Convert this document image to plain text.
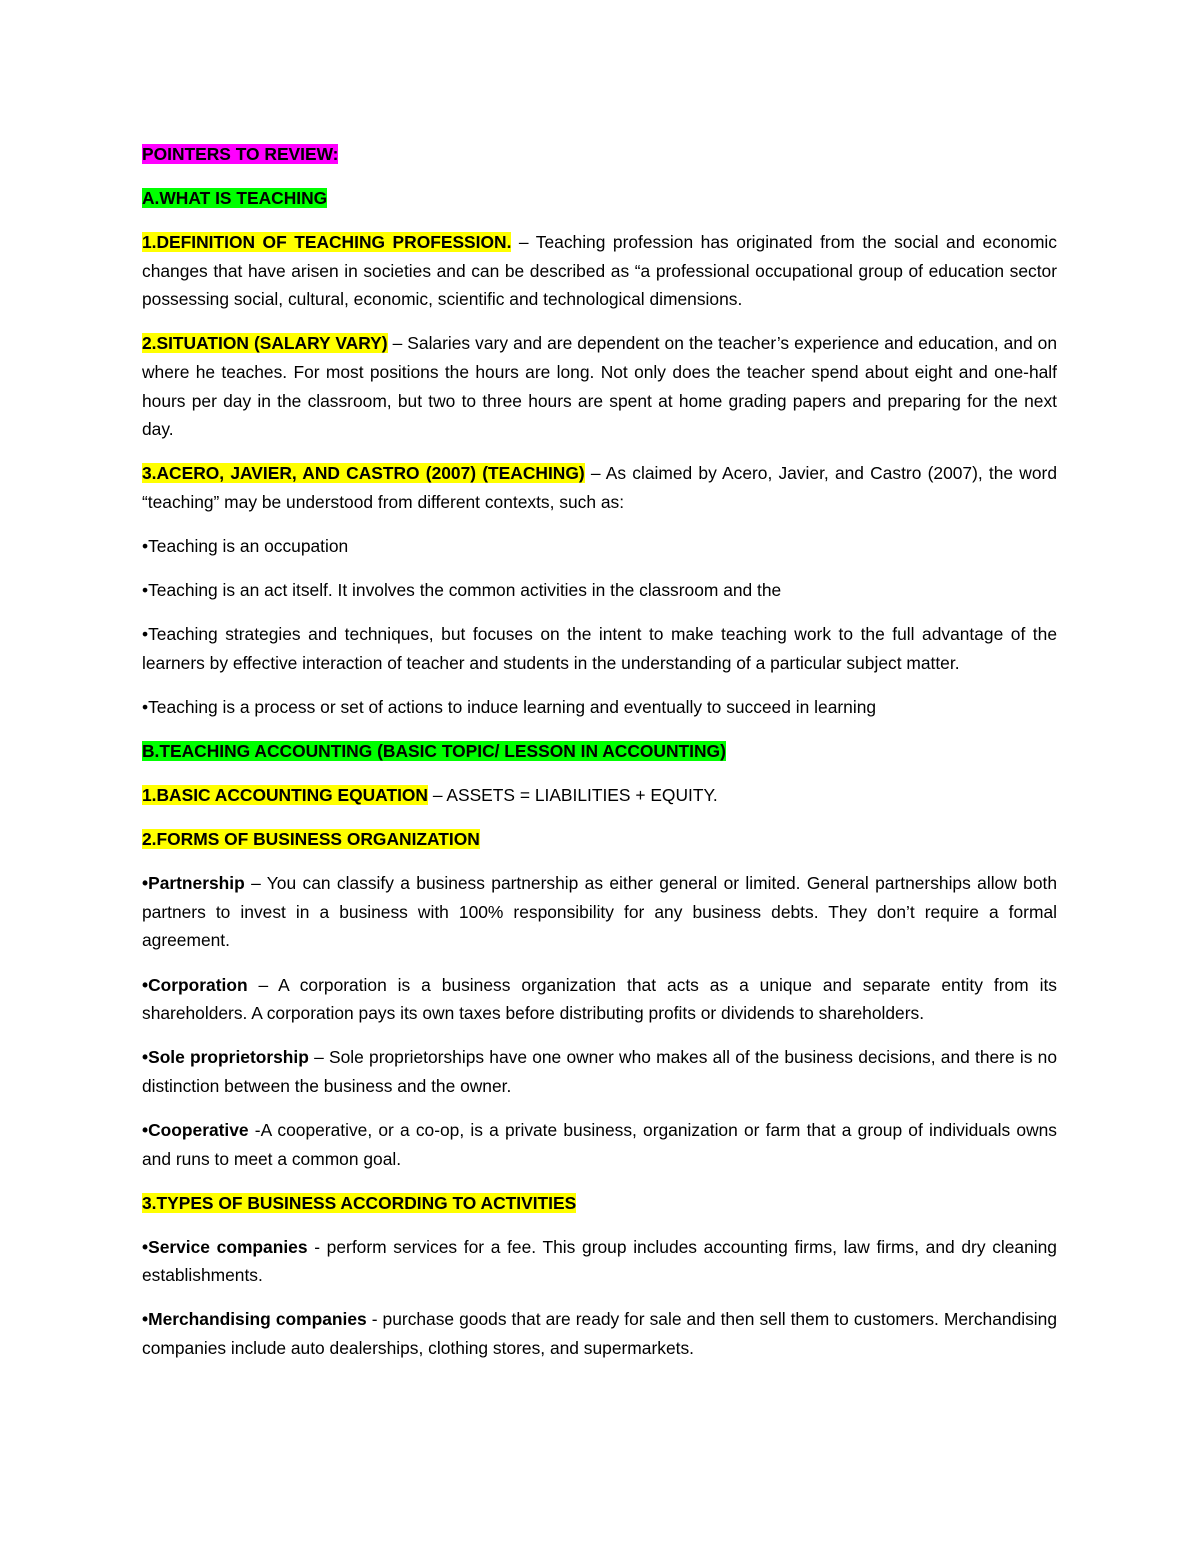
POINTERS TO REVIEW:

A.WHAT IS TEACHING

1.DEFINITION OF TEACHING PROFESSION. – Teaching profession has originated from the social and economic changes that have arisen in societies and can be described as “a professional occupational group of education sector possessing social, cultural, economic, scientific and technological dimensions.

2.SITUATION (SALARY VARY) – Salaries vary and are dependent on the teacher’s experience and education, and on where he teaches. For most positions the hours are long. Not only does the teacher spend about eight and one-half hours per day in the classroom, but two to three hours are spent at home grading papers and preparing for the next day.

3.ACERO, JAVIER, AND CASTRO (2007) (TEACHING) – As claimed by Acero, Javier, and Castro (2007), the word “teaching” may be understood from different contexts, such as:

•Teaching is an occupation

•Teaching is an act itself. It involves the common activities in the classroom and the

•Teaching strategies and techniques, but focuses on the intent to make teaching work to the full advantage of the learners by effective interaction of teacher and students in the understanding of a particular subject matter.

•Teaching is a process or set of actions to induce learning and eventually to succeed in learning

B.TEACHING ACCOUNTING (BASIC TOPIC/ LESSON IN ACCOUNTING)

1.BASIC ACCOUNTING EQUATION – ASSETS = LIABILITIES + EQUITY.

2.FORMS OF BUSINESS ORGANIZATION

•Partnership – You can classify a business partnership as either general or limited. General partnerships allow both partners to invest in a business with 100% responsibility for any business debts. They don’t require a formal agreement.

•Corporation – A corporation is a business organization that acts as a unique and separate entity from its shareholders. A corporation pays its own taxes before distributing profits or dividends to shareholders.

•Sole proprietorship – Sole proprietorships have one owner who makes all of the business decisions, and there is no distinction between the business and the owner.

•Cooperative -A cooperative, or a co-op, is a private business, organization or farm that a group of individuals owns and runs to meet a common goal.

3.TYPES OF BUSINESS ACCORDING TO ACTIVITIES

•Service companies - perform services for a fee. This group includes accounting firms, law firms, and dry cleaning establishments.

•Merchandising companies - purchase goods that are ready for sale and then sell them to customers. Merchandising companies include auto dealerships, clothing stores, and supermarkets.
